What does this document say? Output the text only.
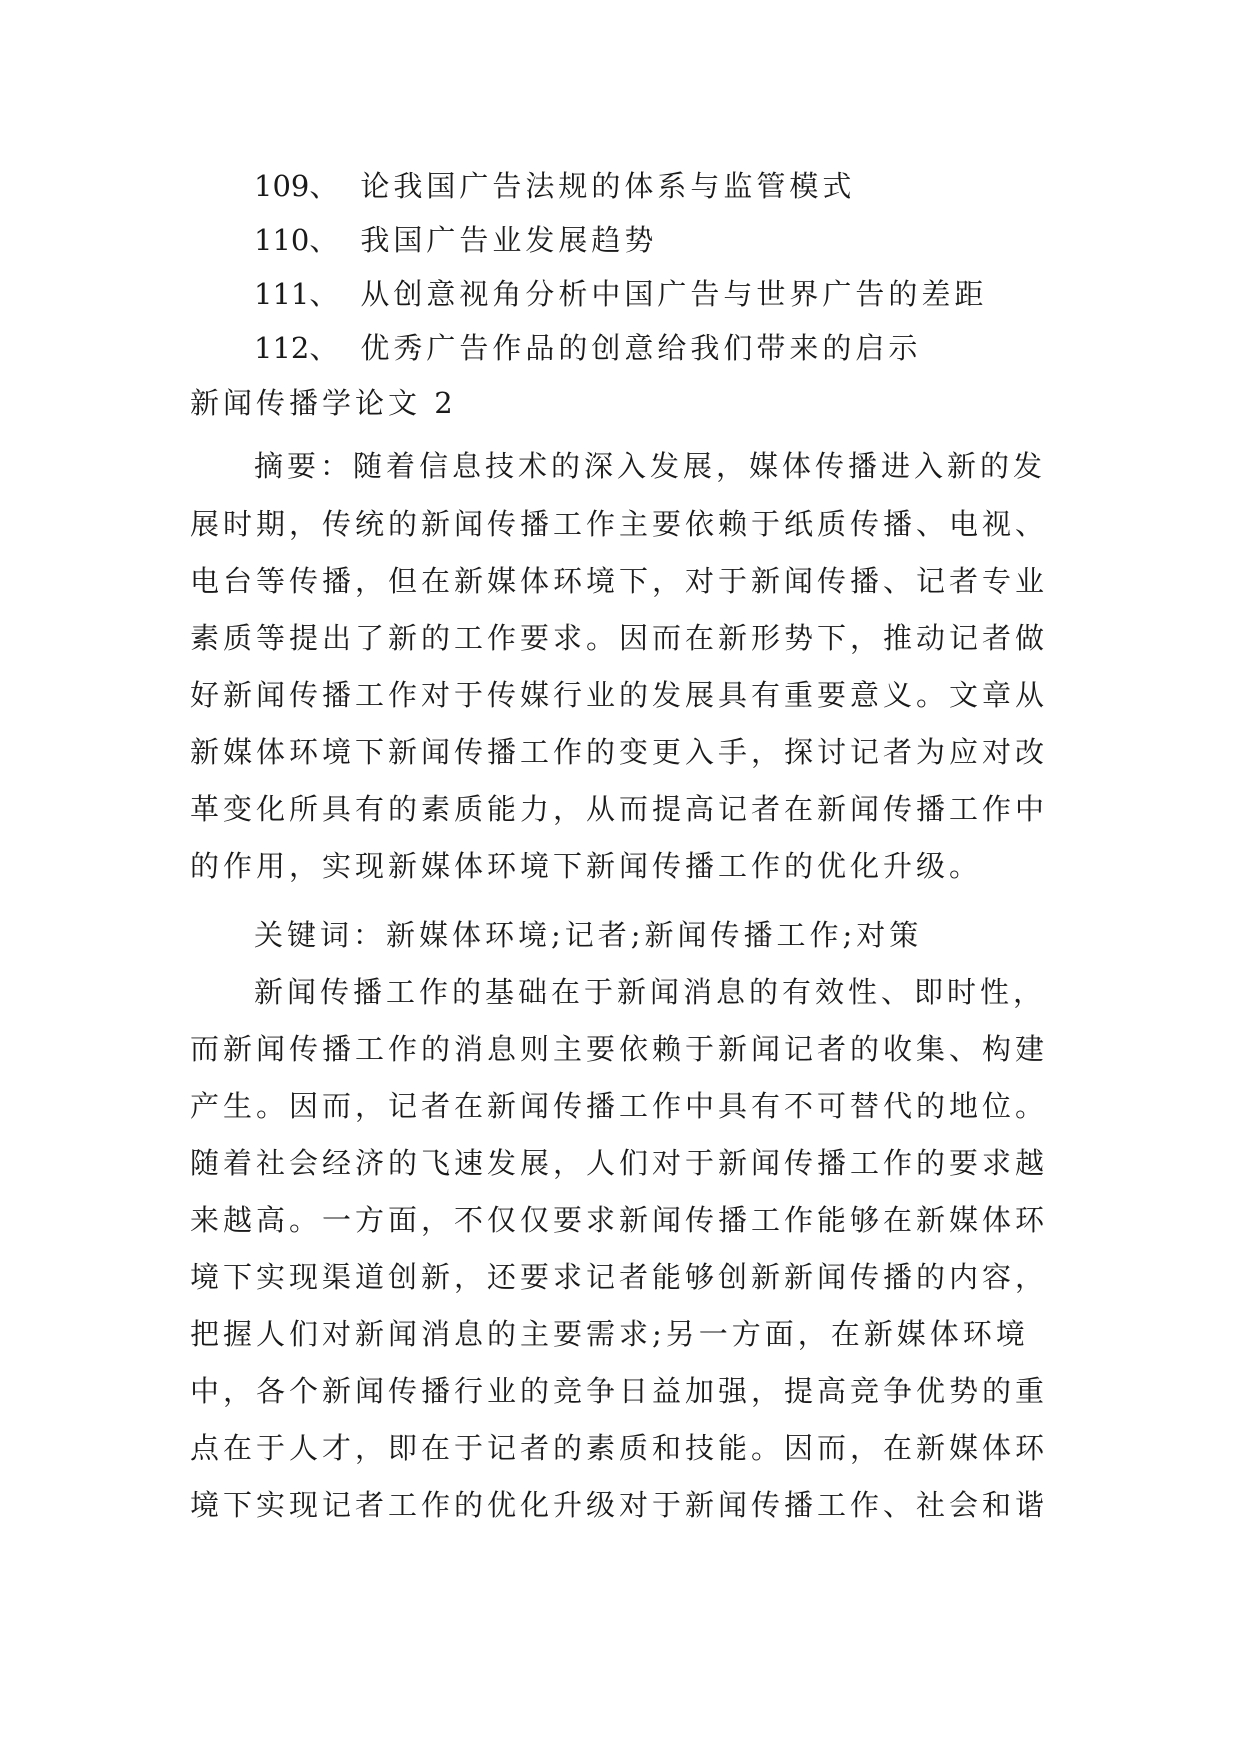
109、 论我国广告法规的体系与监管模式
110、 我国广告业发展趋势
111、 从创意视角分析中国广告与世界广告的差距
112、 优秀广告作品的创意给我们带来的启示
新闻传播学论文 2
摘要：随着信息技术的深入发展，媒体传播进入新的发
展时期，传统的新闻传播工作主要依赖于纸质传播、电视、
电台等传播，但在新媒体环境下，对于新闻传播、记者专业
素质等提出了新的工作要求。因而在新形势下，推动记者做
好新闻传播工作对于传媒行业的发展具有重要意义。文章从
新媒体环境下新闻传播工作的变更入手，探讨记者为应对改
革变化所具有的素质能力，从而提高记者在新闻传播工作中
的作用，实现新媒体环境下新闻传播工作的优化升级。
关键词：新媒体环境;记者;新闻传播工作;对策
新闻传播工作的基础在于新闻消息的有效性、即时性，
而新闻传播工作的消息则主要依赖于新闻记者的收集、构建
产生。因而，记者在新闻传播工作中具有不可替代的地位。
随着社会经济的飞速发展，人们对于新闻传播工作的要求越
来越高。一方面，不仅仅要求新闻传播工作能够在新媒体环
境下实现渠道创新，还要求记者能够创新新闻传播的内容，
把握人们对新闻消息的主要需求;另一方面，在新媒体环境
中，各个新闻传播行业的竞争日益加强，提高竞争优势的重
点在于人才，即在于记者的素质和技能。因而，在新媒体环
境下实现记者工作的优化升级对于新闻传播工作、社会和谐
